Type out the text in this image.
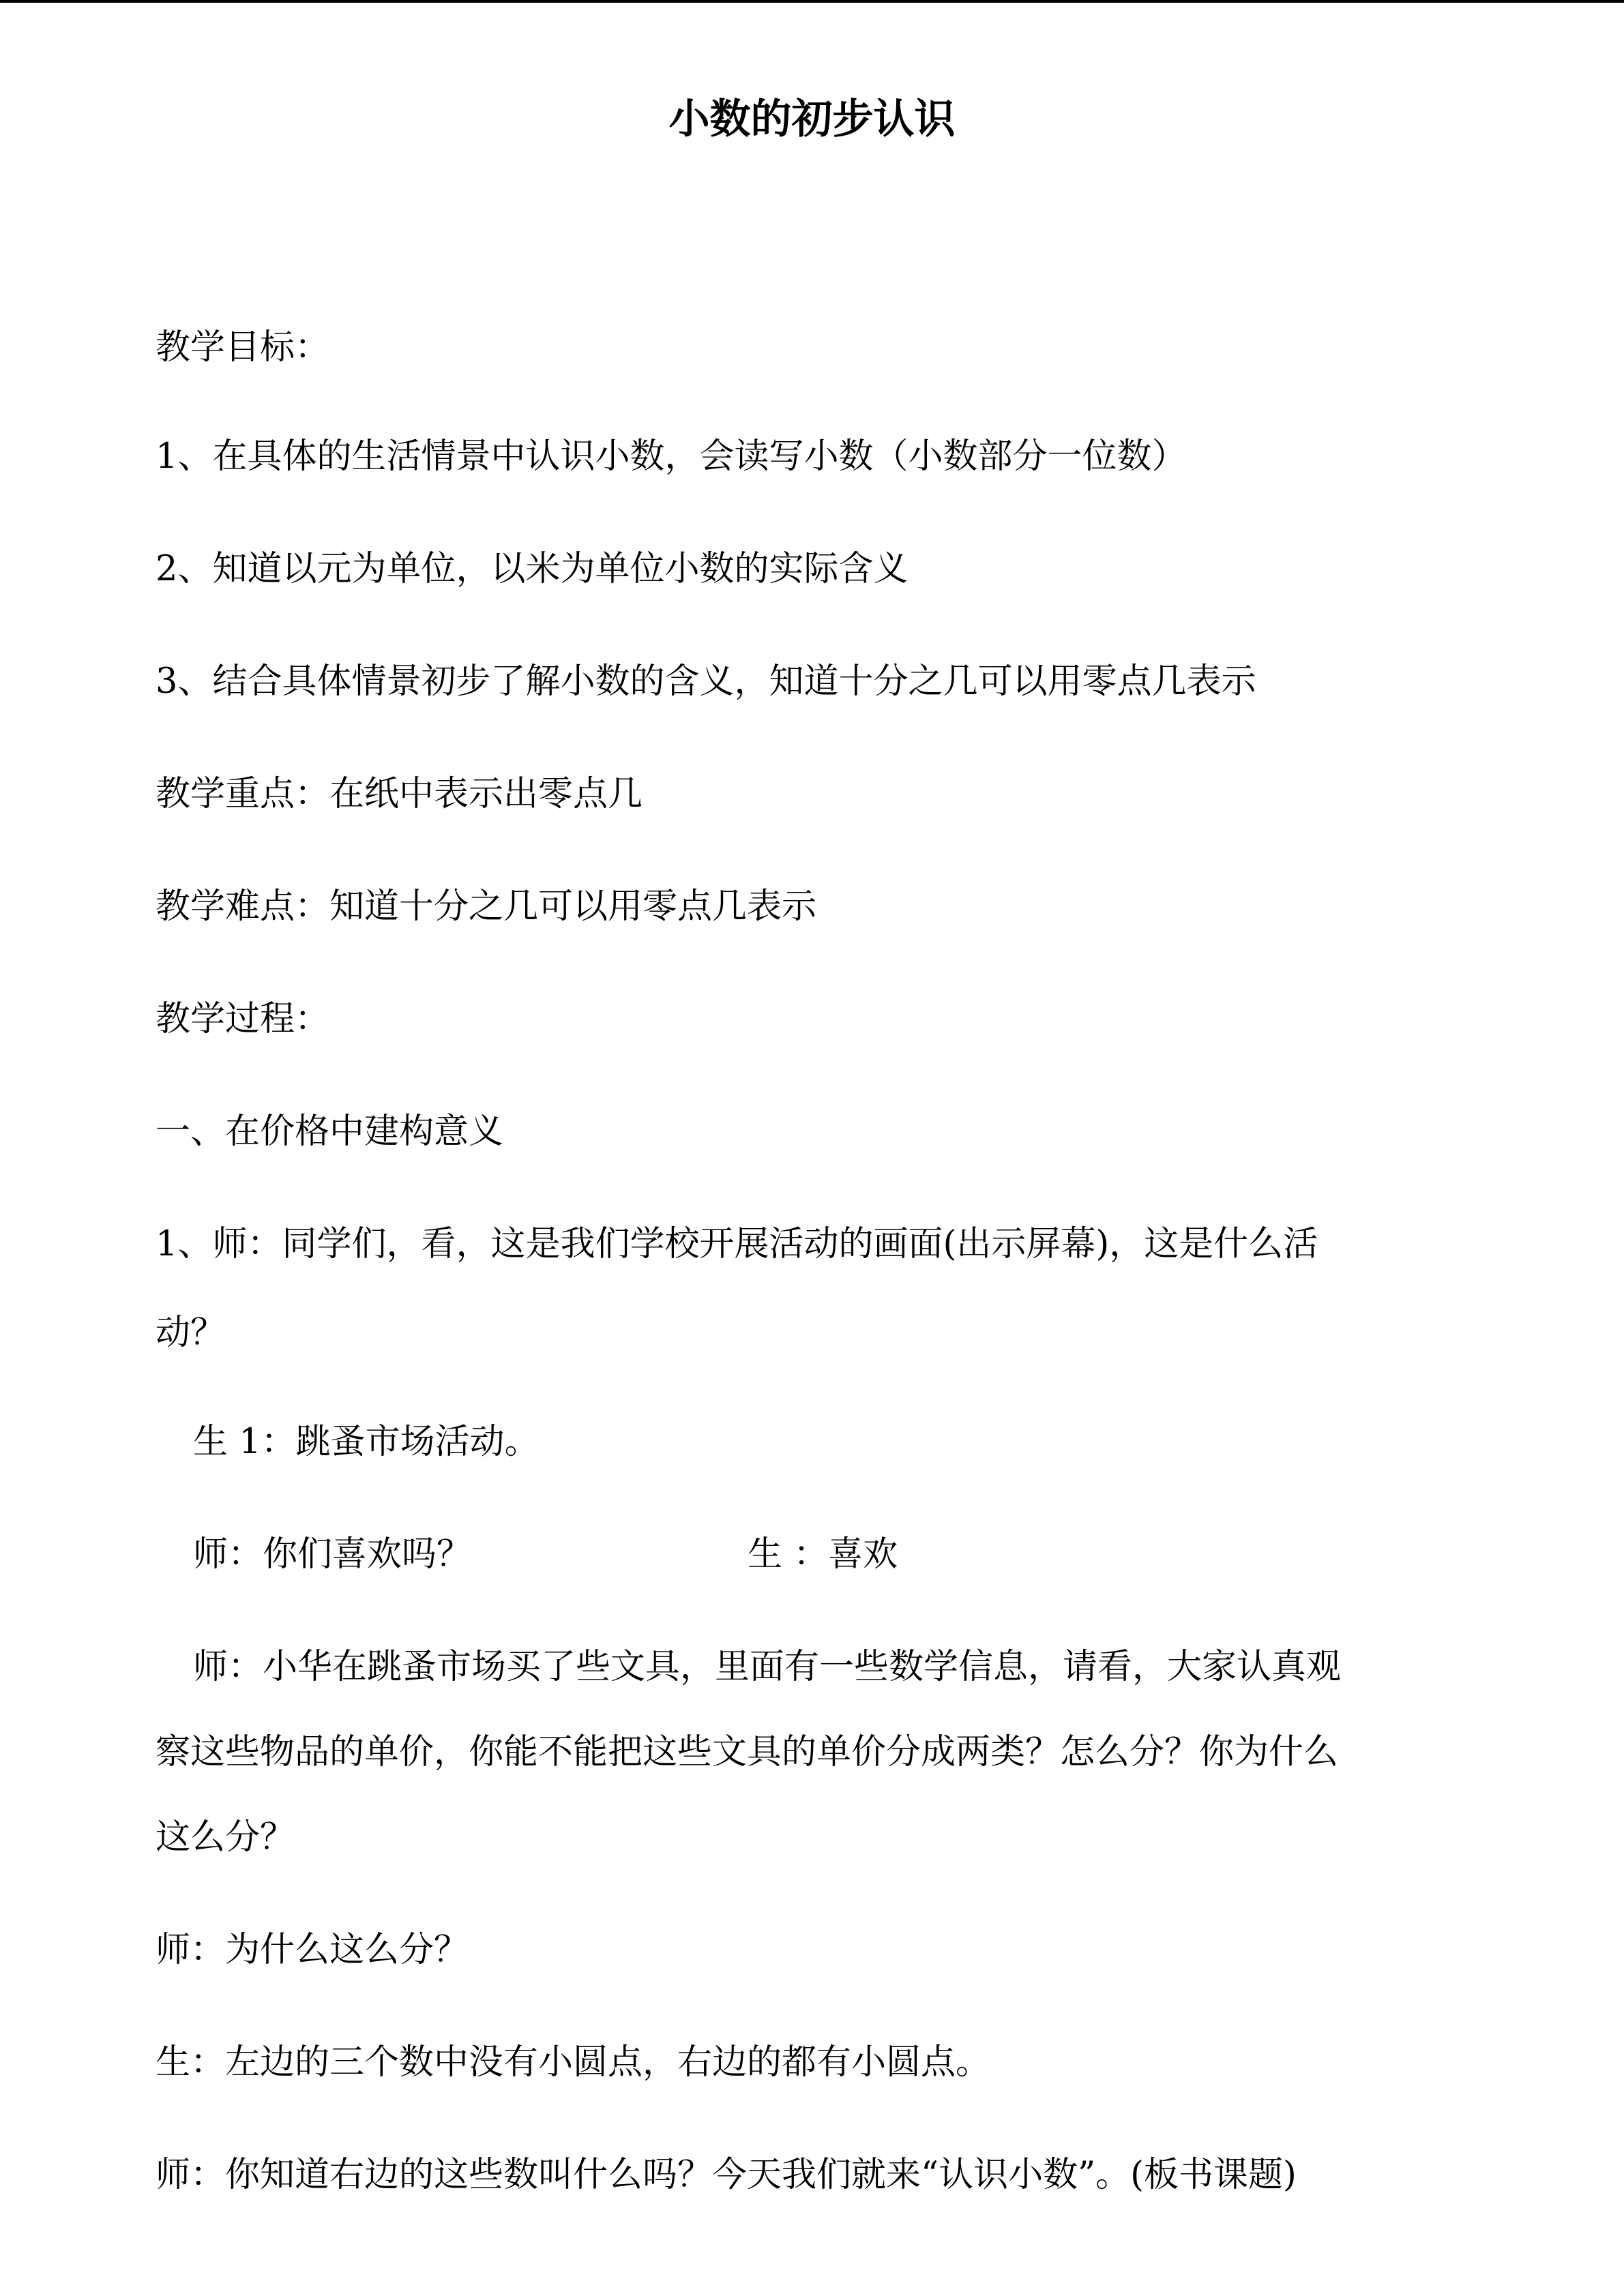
小数的初步认识
教学目标：
1、在具体的生活情景中认识小数，会读写小数（小数部分一位数）
2、知道以元为单位，以米为单位小数的实际含义
3、结合具体情景初步了解小数的含义，知道十分之几可以用零点几表示
教学重点：在纸中表示出零点几
教学难点：知道十分之几可以用零点几表示
教学过程：
一、在价格中建构意义
1、师：同学们，看，这是我们学校开展活动的画面(出示屏幕)，这是什么活
动？
生 1：跳蚤市场活动。
师：你们喜欢吗？	生 ：喜欢
师：小华在跳蚤市场买了些文具，里面有一些数学信息，请看，大家认真观
察这些物品的单价，你能不能把这些文具的单价分成两类？怎么分？你为什么
这么分？
师：为什么这么分？
生：左边的三个数中没有小圆点，右边的都有小圆点。
师：你知道右边的这些数叫什么吗？今天我们就来“认识小数”。(板书课题)
